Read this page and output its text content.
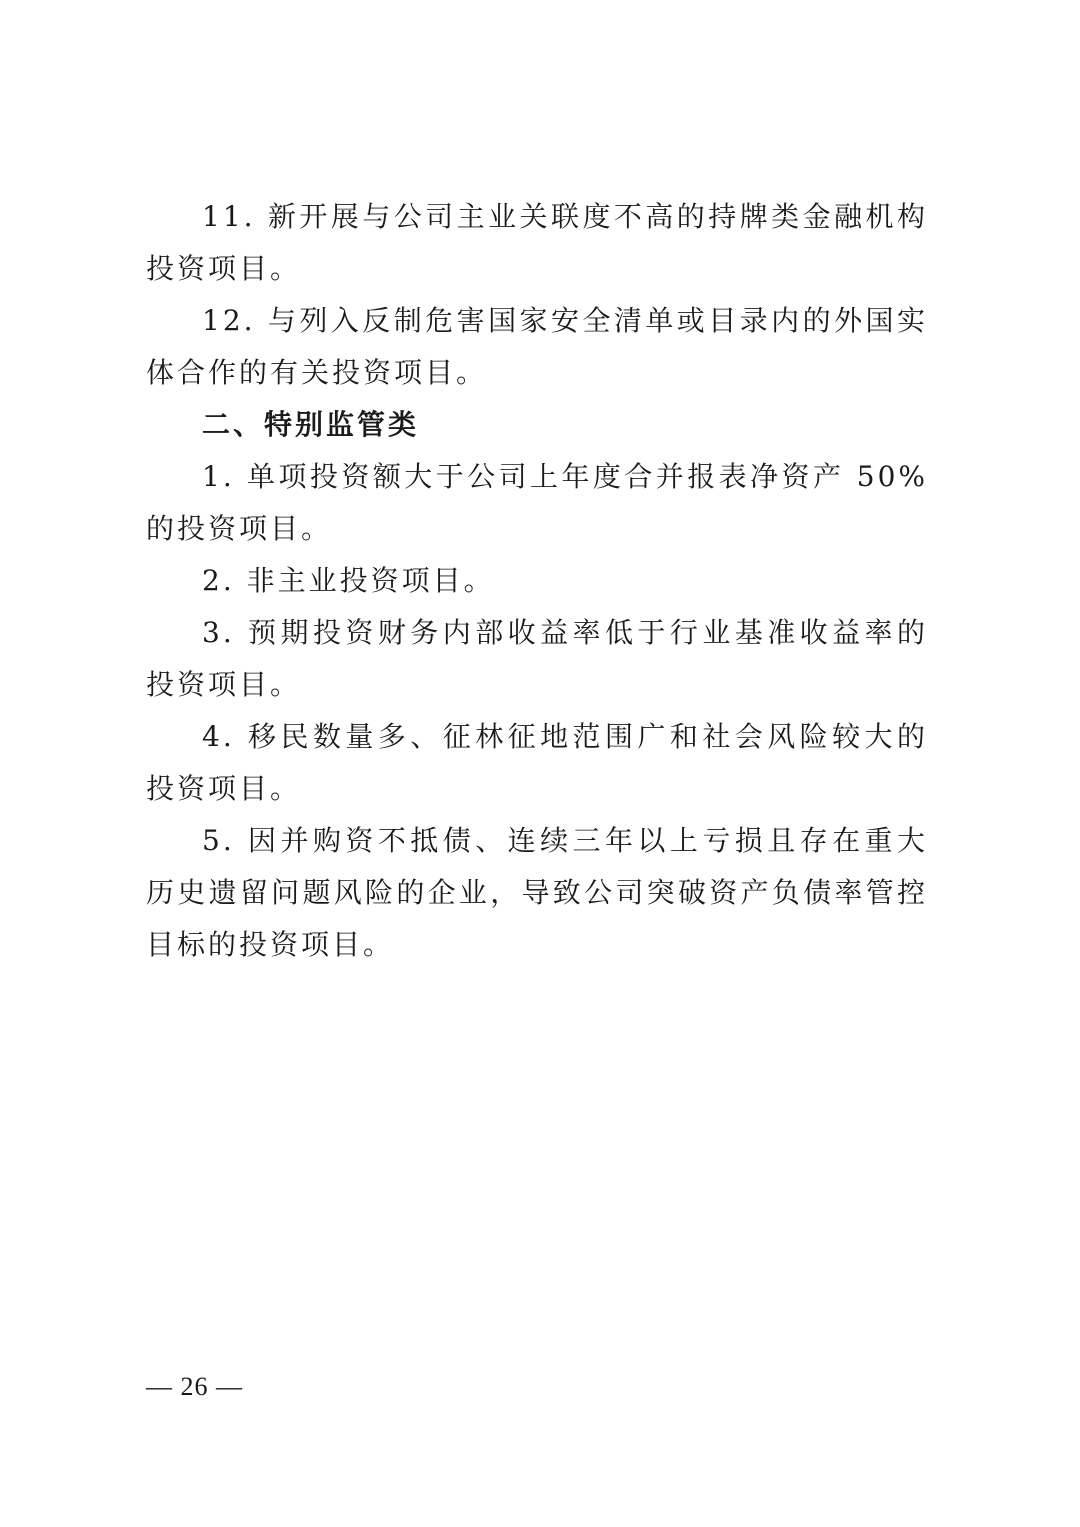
11. 新开展与公司主业关联度不高的持牌类金融机构投资项目。

12. 与列入反制危害国家安全清单或目录内的外国实体合作的有关投资项目。

二、特别监管类

1. 单项投资额大于公司上年度合并报表净资产 50%的投资项目。

2. 非主业投资项目。

3. 预期投资财务内部收益率低于行业基准收益率的投资项目。

4. 移民数量多、征林征地范围广和社会风险较大的投资项目。

5. 因并购资不抵债、连续三年以上亏损且存在重大历史遗留问题风险的企业，导致公司突破资产负债率管控目标的投资项目。

— 26 —
